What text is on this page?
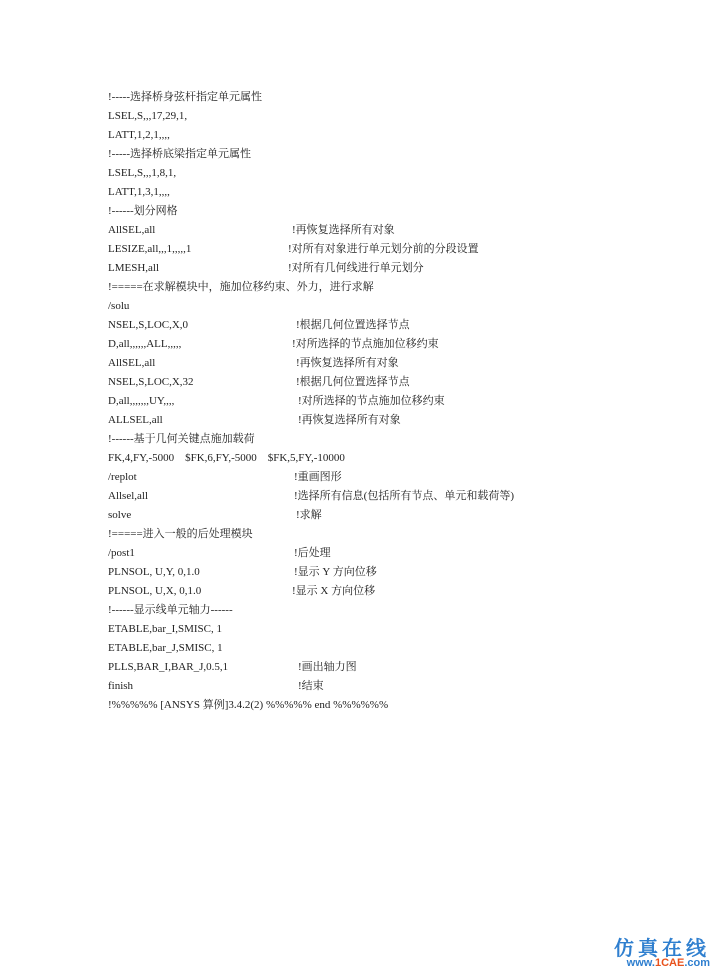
!-----选择桥身弦杆指定单元属性
LSEL,S,,,17,29,1,
LATT,1,2,1,,,,
!-----选择桥底梁指定单元属性
LSEL,S,,,1,8,1,
LATT,1,3,1,,,,
!------划分网格
AllSEL,all	!再恢复选择所有对象
LESIZE,all,,,1,,,,,1	!对所有对象进行单元划分前的分段设置
LMESH,all	!对所有几何线进行单元划分
!=====在求解模块中，施加位移约束、外力，进行求解
/solu
NSEL,S,LOC,X,0	!根据几何位置选择节点
D,all,,,,,,ALL,,,,,	!对所选择的节点施加位移约束
AllSEL,all	!再恢复选择所有对象
NSEL,S,LOC,X,32	!根据几何位置选择节点
D,all,,,,,,,UY,,,,	!对所选择的节点施加位移约束
ALLSEL,all	!再恢复选择所有对象
!------基于几何关键点施加载荷
FK,4,FY,-5000    $FK,6,FY,-5000    $FK,5,FY,-10000
/replot	!重画图形
Allsel,all	!选择所有信息(包括所有节点、单元和载荷等)
solve	!求解
!=====进入一般的后处理模块
/post1	!后处理
PLNSOL, U,Y, 0,1.0	!显示 Y 方向位移
PLNSOL, U,X, 0,1.0	!显示 X 方向位移
!------显示线单元轴力------
ETABLE,bar_I,SMISC, 1
ETABLE,bar_J,SMISC, 1
PLLS,BAR_I,BAR_J,0.5,1	!画出轴力图
finish	!结束
!%%%%% [ANSYS 算例]3.4.2(2) %%%%% end %%%%%%
仿真在线
www.1CAE.com
